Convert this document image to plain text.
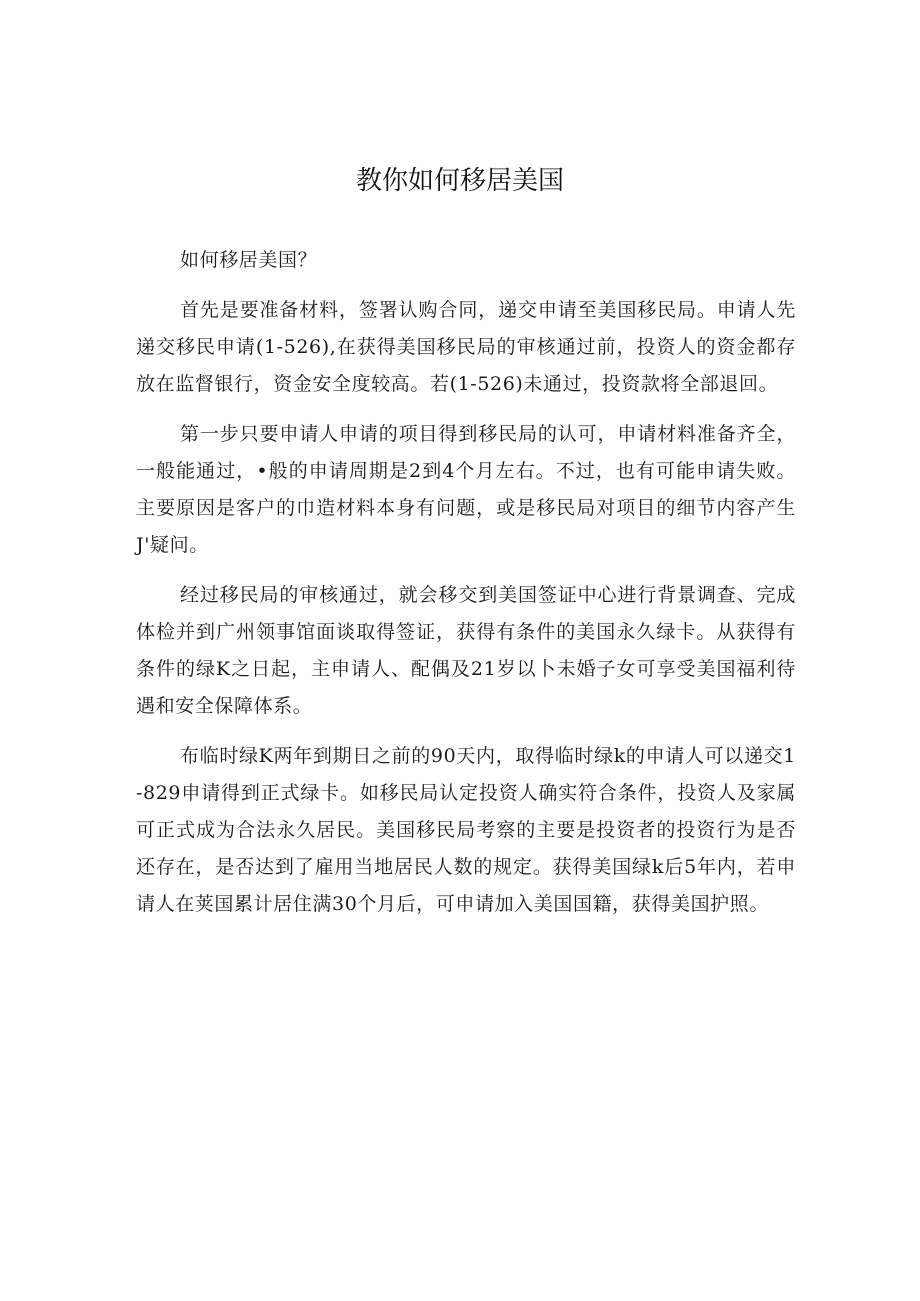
教你如何移居美国

如何移居美国？

首先是要准备材料，签署认购合同，递交申请至美国移民局。申请人先递交移民申请(1-526),在获得美国移民局的审核通过前，投资人的资金都存放在监督银行，资金安全度较高。若(1-526)未通过，投资款将全部退回。

第一步只要申请人申请的项目得到移民局的认可，申请材料准备齐全，一般能通过，•般的申请周期是2到4个月左右。不过，也有可能申请失败。主要原因是客户的巾造材料本身有问题，或是移民局对项目的细节内容产生J'疑问。

经过移民局的审核通过，就会移交到美国签证中心进行背景调查、完成体检并到广州领事馆面谈取得签证，获得有条件的美国永久绿卡。从获得有条件的绿K之日起，主申请人、配偶及21岁以卜未婚子女可享受美国福利待遇和安全保障体系。

布临时绿K两年到期日之前的90天内，取得临时绿k的申请人可以递交1-829申请得到正式绿卡。如移民局认定投资人确实符合条件，投资人及家属可正式成为合法永久居民。美国移民局考察的主要是投资者的投资行为是否还存在，是否达到了雇用当地居民人数的规定。获得美国绿k后5年内，若申请人在荚国累计居住满30个月后，可申请加入美国国籍，获得美国护照。
